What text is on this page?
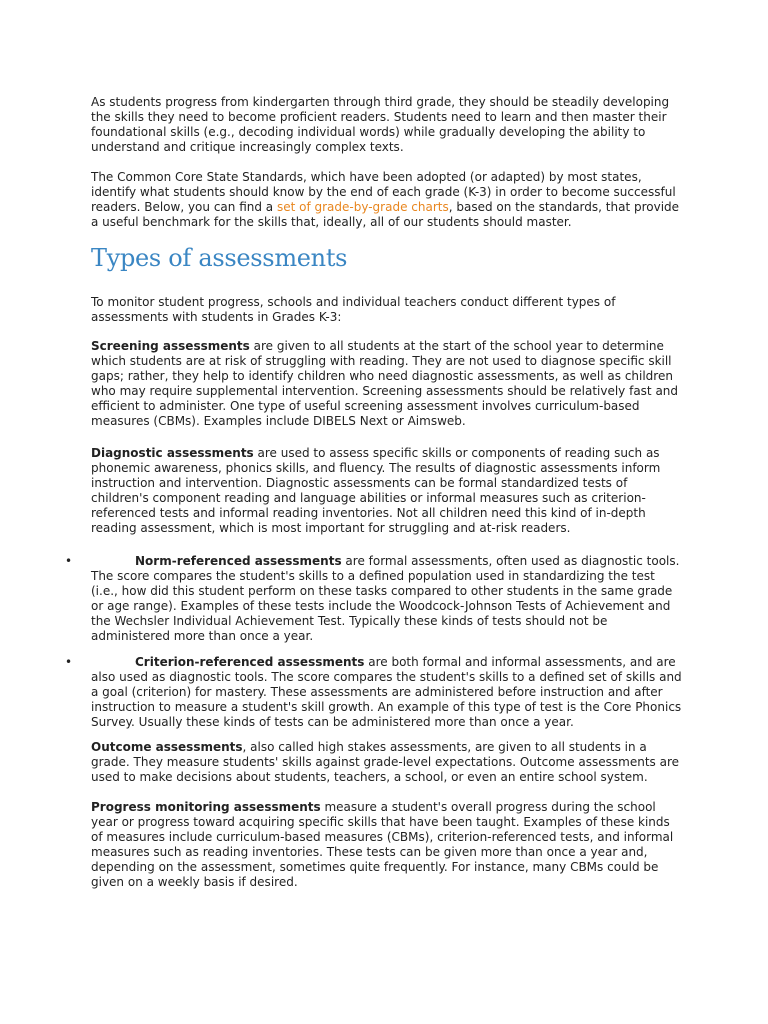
As students progress from kindergarten through third grade, they should be steadily developing the skills they need to become proficient readers. Students need to learn and then master their foundational skills (e.g., decoding individual words) while gradually developing the ability to understand and critique increasingly complex texts.

The Common Core State Standards, which have been adopted (or adapted) by most states, identify what students should know by the end of each grade (K-3) in order to become successful readers. Below, you can find a set of grade-by-grade charts, based on the standards, that provide a useful benchmark for the skills that, ideally, all of our students should master.

Types of assessments

To monitor student progress, schools and individual teachers conduct different types of assessments with students in Grades K-3:

Screening assessments are given to all students at the start of the school year to determine which students are at risk of struggling with reading. They are not used to diagnose specific skill gaps; rather, they help to identify children who need diagnostic assessments, as well as children who may require supplemental intervention. Screening assessments should be relatively fast and efficient to administer. One type of useful screening assessment involves curriculum-based measures (CBMs). Examples include DIBELS Next or Aimsweb.

Diagnostic assessments are used to assess specific skills or components of reading such as phonemic awareness, phonics skills, and fluency. The results of diagnostic assessments inform instruction and intervention. Diagnostic assessments can be formal standardized tests of children's component reading and language abilities or informal measures such as criterion-referenced tests and informal reading inventories. Not all children need this kind of in-depth reading assessment, which is most important for struggling and at-risk readers.

•	Norm-referenced assessments are formal assessments, often used as diagnostic tools. The score compares the student's skills to a defined population used in standardizing the test (i.e., how did this student perform on these tasks compared to other students in the same grade or age range). Examples of these tests include the Woodcock-Johnson Tests of Achievement and the Wechsler Individual Achievement Test. Typically these kinds of tests should not be administered more than once a year.

•	Criterion-referenced assessments are both formal and informal assessments, and are also used as diagnostic tools. The score compares the student's skills to a defined set of skills and a goal (criterion) for mastery. These assessments are administered before instruction and after instruction to measure a student's skill growth. An example of this type of test is the Core Phonics Survey. Usually these kinds of tests can be administered more than once a year.

Outcome assessments, also called high stakes assessments, are given to all students in a grade. They measure students' skills against grade-level expectations. Outcome assessments are used to make decisions about students, teachers, a school, or even an entire school system.

Progress monitoring assessments measure a student's overall progress during the school year or progress toward acquiring specific skills that have been taught. Examples of these kinds of measures include curriculum-based measures (CBMs), criterion-referenced tests, and informal measures such as reading inventories. These tests can be given more than once a year and, depending on the assessment, sometimes quite frequently. For instance, many CBMs could be given on a weekly basis if desired.
